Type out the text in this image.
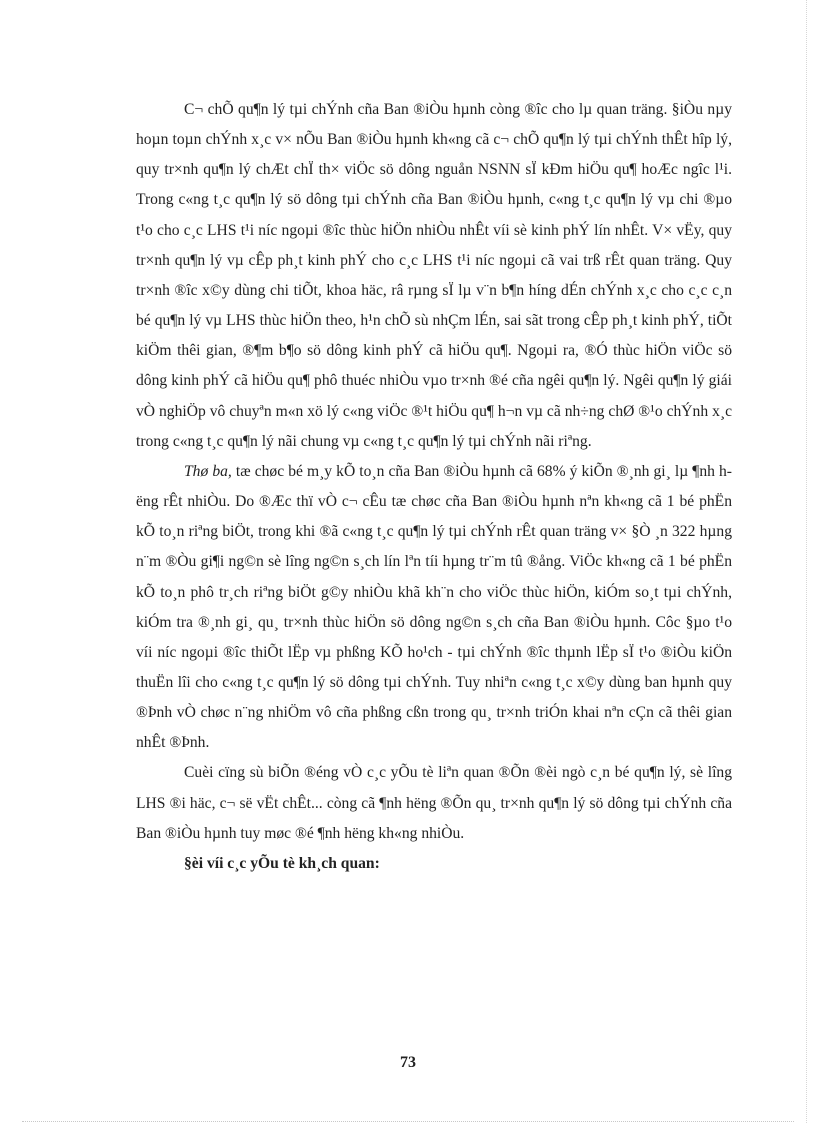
C¬ chÕ qu¶n lý tµi chÝnh cña Ban ®iÒu hµnh còng ®îc cho lµ quan träng. §iÒu nµy hoµn toµn chÝnh x¸c v× nÕu Ban ®iÒu hµnh kh«ng cã c¬ chÕ qu¶n lý tµi chÝnh thÊt hîp lý, quy tr×nh qu¶n lý chÆt chÏ th× viÖc sö dông nguån NSNN sÏ kÐm hiÖu qu¶ hoÆc ngîc l¹i. Trong c«ng t¸c qu¶n lý sö dông tµi chÝnh cña Ban ®iÒu hµnh, c«ng t¸c qu¶n lý vµ chi ®µo t¹o cho c¸c LHS t¹i níc ngoµi ®îc thùc hiÖn nhiÒu nhÊt víi sè kinh phÝ lín nhÊt. V× vËy, quy tr×nh qu¶n lý vµ cÊp ph¸t kinh phÝ cho c¸c LHS t¹i níc ngoµi cã vai trß rÊt quan träng. Quy tr×nh ®îc x©y dùng chi tiÕt, khoa häc, râ rµng sÏ lµ v¨n b¶n híng dÉn chÝnh x¸c cho c¸c c¸n bé qu¶n lý vµ LHS thùc hiÖn theo, h¹n chÕ sù nhÇm lÉn, sai sãt trong cÊp ph¸t kinh phÝ, tiÕt kiÖm thêi gian, ®¶m b¶o sö dông kinh phÝ cã hiÖu qu¶. Ngoµi ra, ®Ó thùc hiÖn viÖc sö dông kinh phÝ cã hiÖu qu¶ phô thuéc nhiÒu vµo tr×nh ®é cña ngêi qu¶n lý. Ngêi qu¶n lý giái vÒ nghiÖp vô chuyªn m«n xö lý c«ng viÖc ®¹t hiÖu qu¶ h¬n vµ cã nh÷ng chØ ®¹o chÝnh x¸c trong c«ng t¸c qu¶n lý nãi chung vµ c«ng t¸c qu¶n lý tµi chÝnh nãi riªng.

Thø ba, tæ chøc bé m¸y kÕ to¸n cña Ban ®iÒu hµnh cã 68% ý kiÕn ®¸nh gi¸ lµ ¶nh hëng rÊt nhiÒu. Do ®Æc thï vÒ c¬ cÊu tæ chøc cña Ban ®iÒu hµnh nªn kh«ng cã 1 bé phËn kÕ to¸n riªng biÖt, trong khi ®ã c«ng t¸c qu¶n lý tµi chÝnh rÊt quan träng v× §Ò ¸n 322 hµng n¨m ®Òu gi¶i ng©n sè lîng ng©n s¸ch lín lªn tíi hµng tr¨m tû ®ång. ViÖc kh«ng cã 1 bé phËn kÕ to¸n phô tr¸ch riªng biÖt g©y nhiÒu khã kh¨n cho viÖc thùc hiÖn, kiÓm so¸t tµi chÝnh, kiÓm tra ®¸nh gi¸ qu¸ tr×nh thùc hiÖn sö dông ng©n s¸ch cña Ban ®iÒu hµnh. Côc §µo t¹o víi níc ngoµi ®îc thiÕt lËp vµ phßng KÕ ho¹ch - tµi chÝnh ®îc thµnh lËp sÏ t¹o ®iÒu kiÖn thuËn lîi cho c«ng t¸c qu¶n lý sö dông tµi chÝnh. Tuy nhiªn c«ng t¸c x©y dùng ban hµnh quy ®Þnh vÒ chøc n¨ng nhiÖm vô cña phßng cßn trong qu¸ tr×nh triÓn khai nªn cÇn cã thêi gian nhÊt ®Þnh.

Cuèi cïng sù biÕn ®éng vÒ c¸c yÕu tè liªn quan ®Õn ®èi ngò c¸n bé qu¶n lý, sè lîng LHS ®i häc, c¬ së vËt chÊt... còng cã ¶nh hëng ®Õn qu¸ tr×nh qu¶n lý sö dông tµi chÝnh cña Ban ®iÒu hµnh tuy møc ®é ¶nh hëng kh«ng nhiÒu.

§èi víi c¸c yÕu tè kh¸ch quan:

73
